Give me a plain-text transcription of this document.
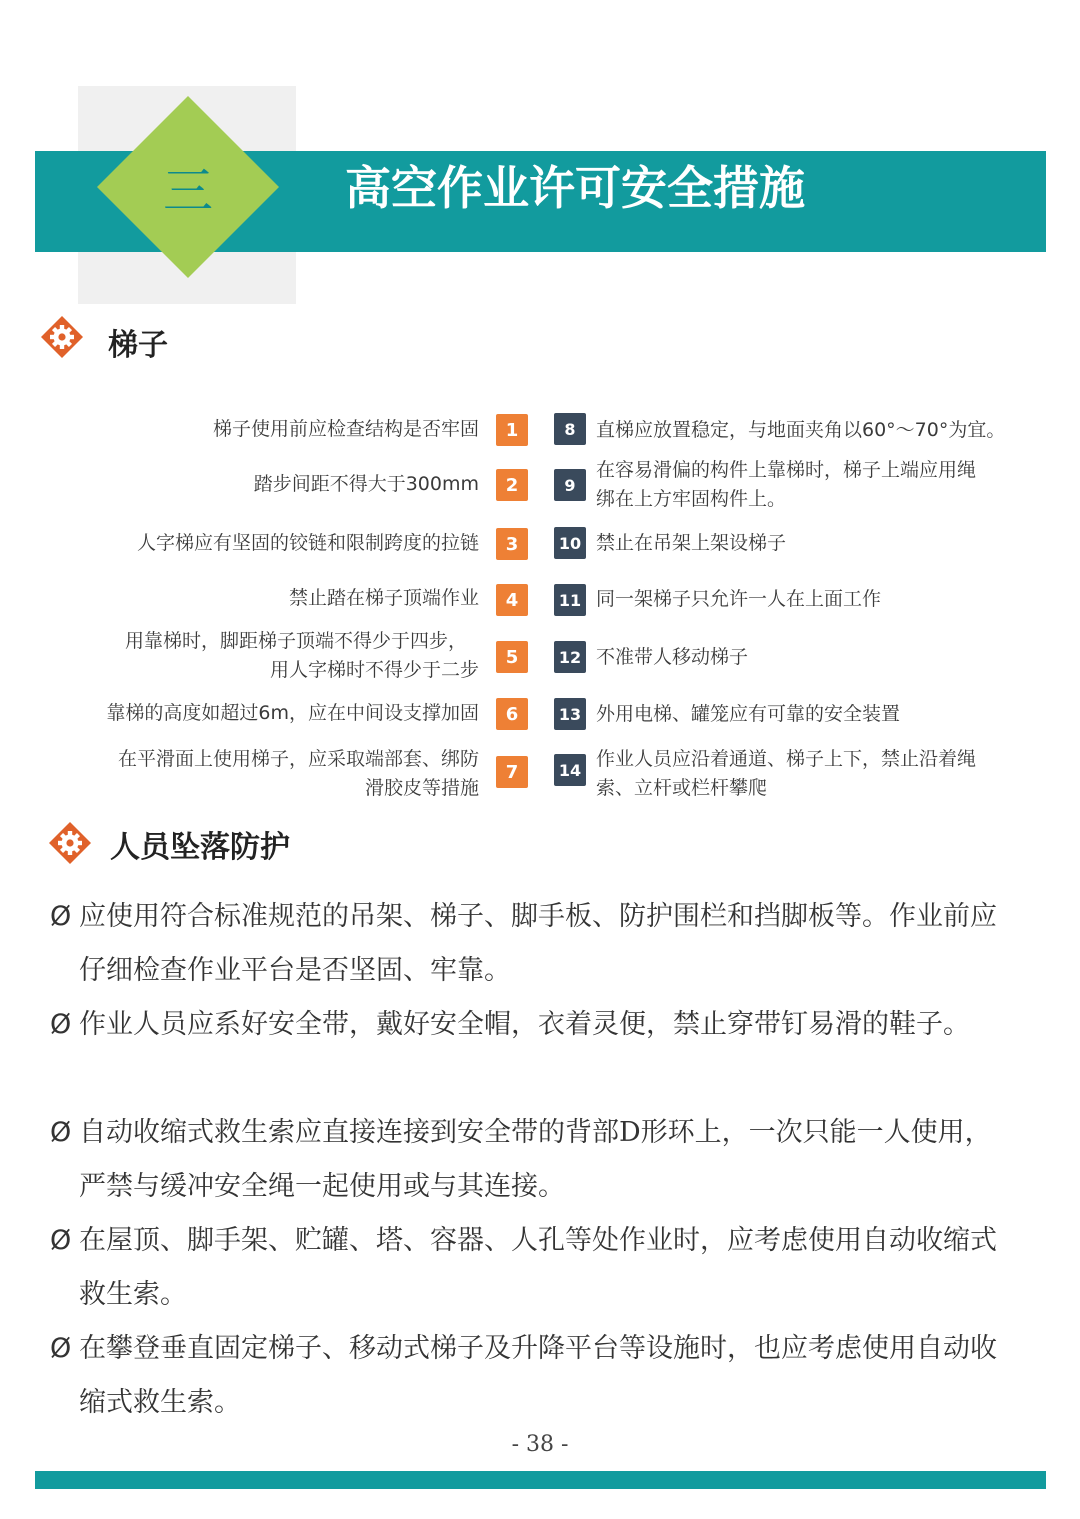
三	高空作业许可安全措施
梯子
梯子使用前应检查结构是否牢固	1
踏步间距不得大于300mm	2
人字梯应有坚固的铰链和限制跨度的拉链	3
禁止踏在梯子顶端作业	4
用靠梯时，脚距梯子顶端不得少于四步，
用人字梯时不得少于二步
5
靠梯的高度如超过6m，应在中间设支撑加固	6
在平滑面上使用梯子，应采取端部套、绑防
滑胶皮等措施
7
8	直梯应放置稳定，与地面夹角以60°～70°为宜。
9
在容易滑偏的构件上靠梯时，梯子上端应用绳
绑在上方牢固构件上。
10 禁止在吊架上架设梯子
11 同一架梯子只允许一人在上面工作
12 不准带人移动梯子
13 外用电梯、罐笼应有可靠的安全装置
14 作业人员应沿着通道、梯子上下，禁止沿着绳
索、立杆或栏杆攀爬
人员坠落防护
Ø 应使用符合标准规范的吊架、梯子、脚手板、防护围栏和挡脚板等。作业前应仔细检查作业平台是否坚固、牢靠。
Ø 作业人员应系好安全带，戴好安全帽，衣着灵便，禁止穿带钉易滑的鞋子。
Ø 自动收缩式救生索应直接连接到安全带的背部D形环上，一次只能一人使用，严禁与缓冲安全绳一起使用或与其连接。
Ø 在屋顶、脚手架、贮罐、塔、容器、人孔等处作业时，应考虑使用自动收缩式救生索。
Ø 在攀登垂直固定梯子、移动式梯子及升降平台等设施时，也应考虑使用自动收缩式救生索。
- 38 -
